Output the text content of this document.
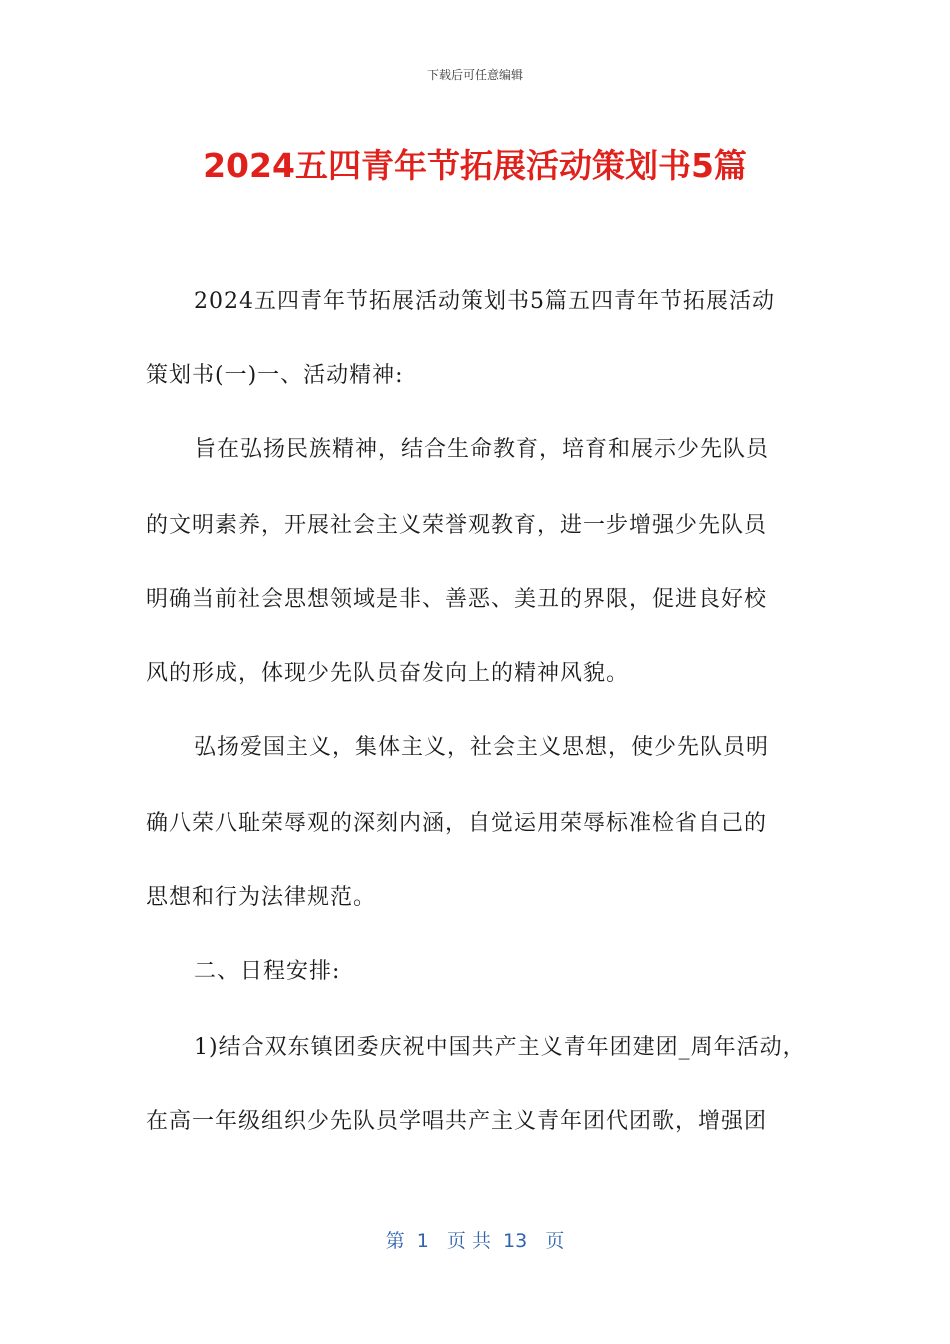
下载后可任意编辑
2024五四青年节拓展活动策划书5篇
2024五四青年节拓展活动策划书5篇五四青年节拓展活动
策划书(一)一、活动精神:
旨在弘扬民族精神，结合生命教育，培育和展示少先队员
的文明素养，开展社会主义荣誉观教育，进一步增强少先队员
明确当前社会思想领域是非、善恶、美丑的界限，促进良好校
风的形成，体现少先队员奋发向上的精神风貌。
弘扬爱国主义，集体主义，社会主义思想，使少先队员明
确八荣八耻荣辱观的深刻内涵，自觉运用荣辱标准检省自己的
思想和行为法律规范。
二、日程安排:
1)结合双东镇团委庆祝中国共产主义青年团建团_周年活动，
在高一年级组织少先队员学唱共产主义青年团代团歌，增强团
第  1   页 共  13   页
